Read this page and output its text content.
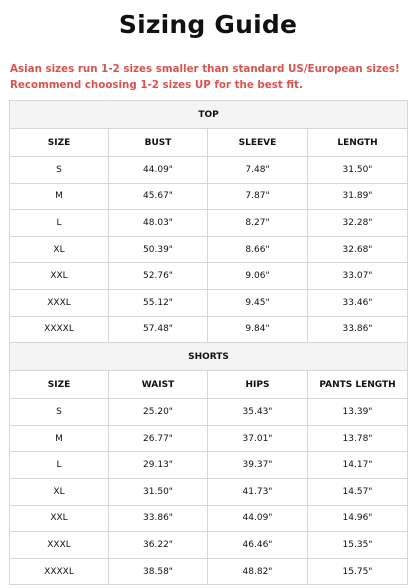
Sizing Guide
Asian sizes run 1-2 sizes smaller than standard US/European sizes! Recommend choosing 1-2 sizes UP for the best fit.
TOP			
SIZE	BUST	SLEEVE	LENGTH
S	44.09"	7.48"	31.50"
M	45.67"	7.87"	31.89"
L	48.03"	8.27"	32.28"
XL	50.39"	8.66"	32.68"
XXL	52.76"	9.06"	33.07"
XXXL	55.12"	9.45"	33.46"
XXXXL	57.48"	9.84"	33.86"
SHORTS			
SIZE	WAIST	HIPS	PANTS LENGTH
S	25.20"	35.43"	13.39"
M	26.77"	37.01"	13.78"
L	29.13"	39.37"	14.17"
XL	31.50"	41.73"	14.57"
XXL	33.86"	44.09"	14.96"
XXXL	36.22"	46.46"	15.35"
XXXXL	38.58"	48.82"	15.75"
